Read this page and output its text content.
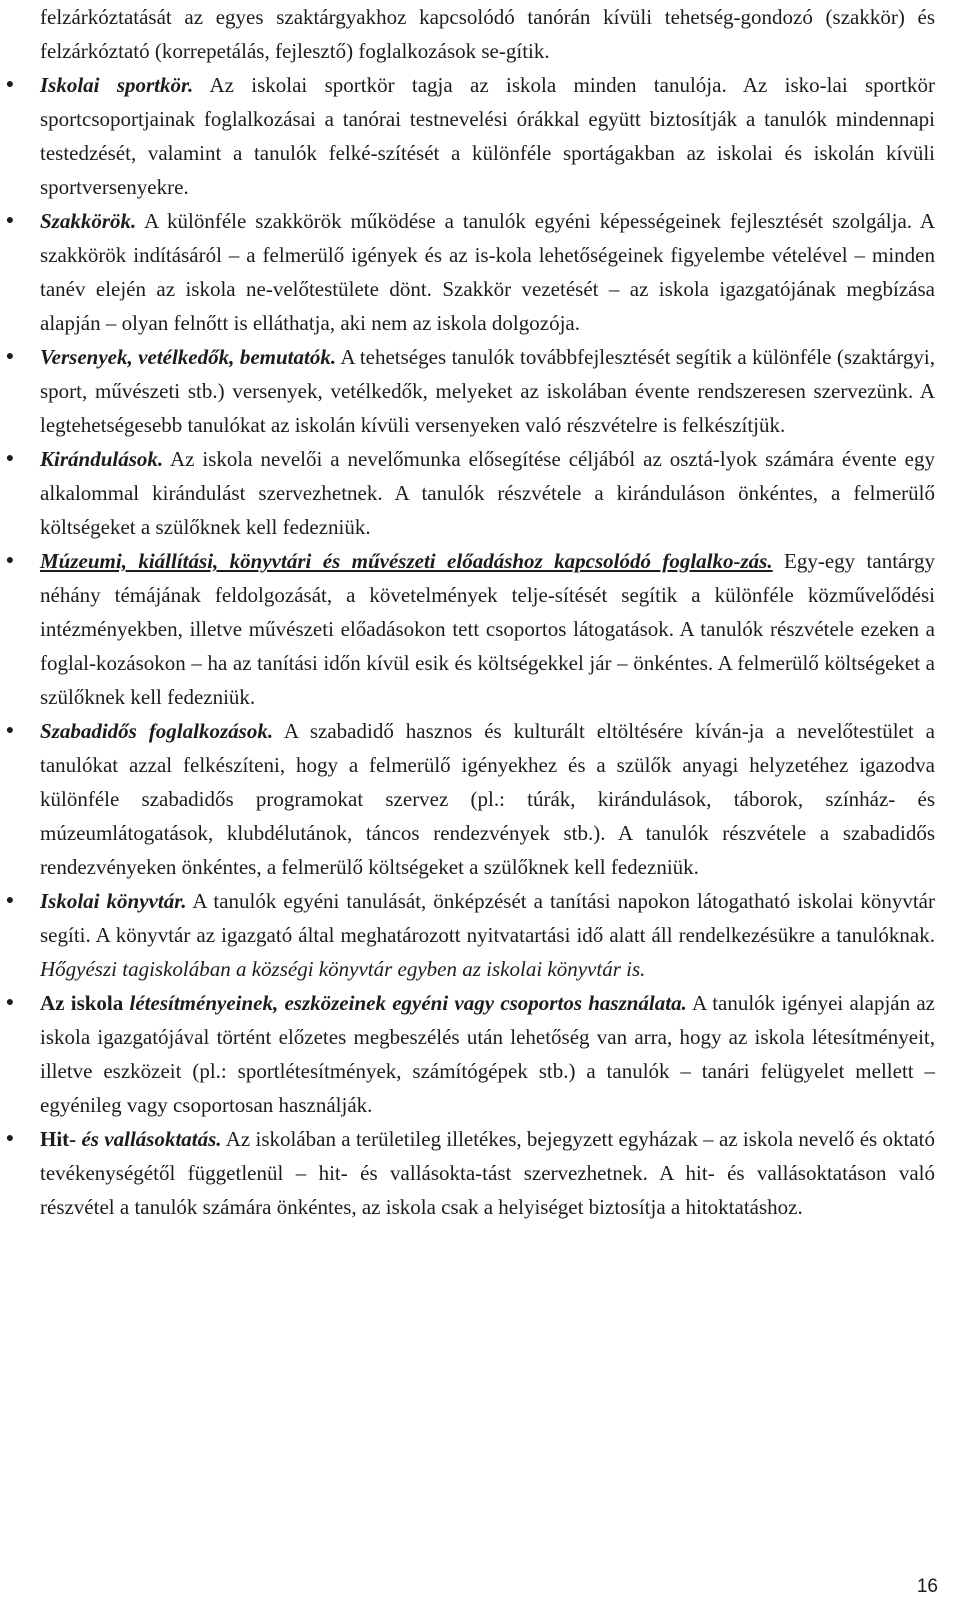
felzárkóztatását az egyes szaktárgyakhoz kapcsolódó tanórán kívüli tehetség-gondozó (szakkör) és felzárkóztató (korrepetálás, fejlesztő) foglalkozások se-gítik.

● Iskolai sportkör. Az iskolai sportkör tagja az iskola minden tanulója. Az isko-lai sportkör sportcsoportjainak foglalkozásai a tanórai testnevelési órákkal együtt biztosítják a tanulók mindennapi testedzését, valamint a tanulók felké-szítését a különféle sportágakban az iskolai és iskolán kívüli sportversenyekre.
● Szakkörök. A különféle szakkörök működése a tanulók egyéni képességeinek fejlesztését szolgálja. A szakkörök indításáról – a felmerülő igények és az is-kola lehetőségeinek figyelembe vételével – minden tanév elején az iskola ne-velőtestülete dönt. Szakkör vezetését – az iskola igazgatójának megbízása alapján – olyan felnőtt is elláthatja, aki nem az iskola dolgozója.
● Versenyek, vetélkedők, bemutatók. A tehetséges tanulók továbbfejlesztését segítik a különféle (szaktárgyi, sport, művészeti stb.) versenyek, vetélkedők, melyeket az iskolában évente rendszeresen szervezünk. A legtehetségesebb tanulókat az iskolán kívüli versenyeken való részvételre is felkészítjük.
● Kirándulások. Az iskola nevelői a nevelőmunka elősegítése céljából az osztá-lyok számára évente egy alkalommal kirándulást szervezhetnek. A tanulók részvétele a kiránduláson önkéntes, a felmerülő költségeket a szülőknek kell fedezniük.
● Múzeumi, kiállítási, könyvtári és művészeti előadáshoz kapcsolódó foglalko-zás. Egy-egy tantárgy néhány témájának feldolgozását, a követelmények telje-sítését segítik a különféle közművelődési intézményekben, illetve művészeti előadásokon tett csoportos látogatások. A tanulók részvétele ezeken a foglal-kozásokon – ha az tanítási időn kívül esik és költségekkel jár – önkéntes. A felmerülő költségeket a szülőknek kell fedezniük.
● Szabadidős foglalkozások. A szabadidő hasznos és kulturált eltöltésére kíván-ja a nevelőtestület a tanulókat azzal felkészíteni, hogy a felmerülő igényekhez és a szülők anyagi helyzetéhez igazodva különféle szabadidős programokat szervez (pl.: túrák, kirándulások, táborok, színház- és múzeumlátogatások, klubdélutánok, táncos rendezvények stb.). A tanulók részvétele a szabadidős rendezvényeken önkéntes, a felmerülő költségeket a szülőknek kell fedezniük.
● Iskolai könyvtár. A tanulók egyéni tanulását, önképzését a tanítási napokon látogatható iskolai könyvtár segíti. A könyvtár az igazgató által meghatározott nyitvatartási idő alatt áll rendelkezésükre a tanulóknak. Hőgyészi tagiskolában a községi könyvtár egyben az iskolai könyvtár is.
● Az iskola létesítményeinek, eszközeinek egyéni vagy csoportos használata. A tanulók igényei alapján az iskola igazgatójával történt előzetes megbeszélés után lehetőség van arra, hogy az iskola létesítményeit, illetve eszközeit (pl.: sportlétesítmények, számítógépek stb.) a tanulók – tanári felügyelet mellett – egyénileg vagy csoportosan használják.
● Hit- és vallásoktatás. Az iskolában a területileg illetékes, bejegyzett egyházak – az iskola nevelő és oktató tevékenységétől függetlenül – hit- és vallásokta-tást szervezhetnek. A hit- és vallásoktatáson való részvétel a tanulók számára önkéntes, az iskola csak a helyiséget biztosítja a hitoktatáshoz.
16
